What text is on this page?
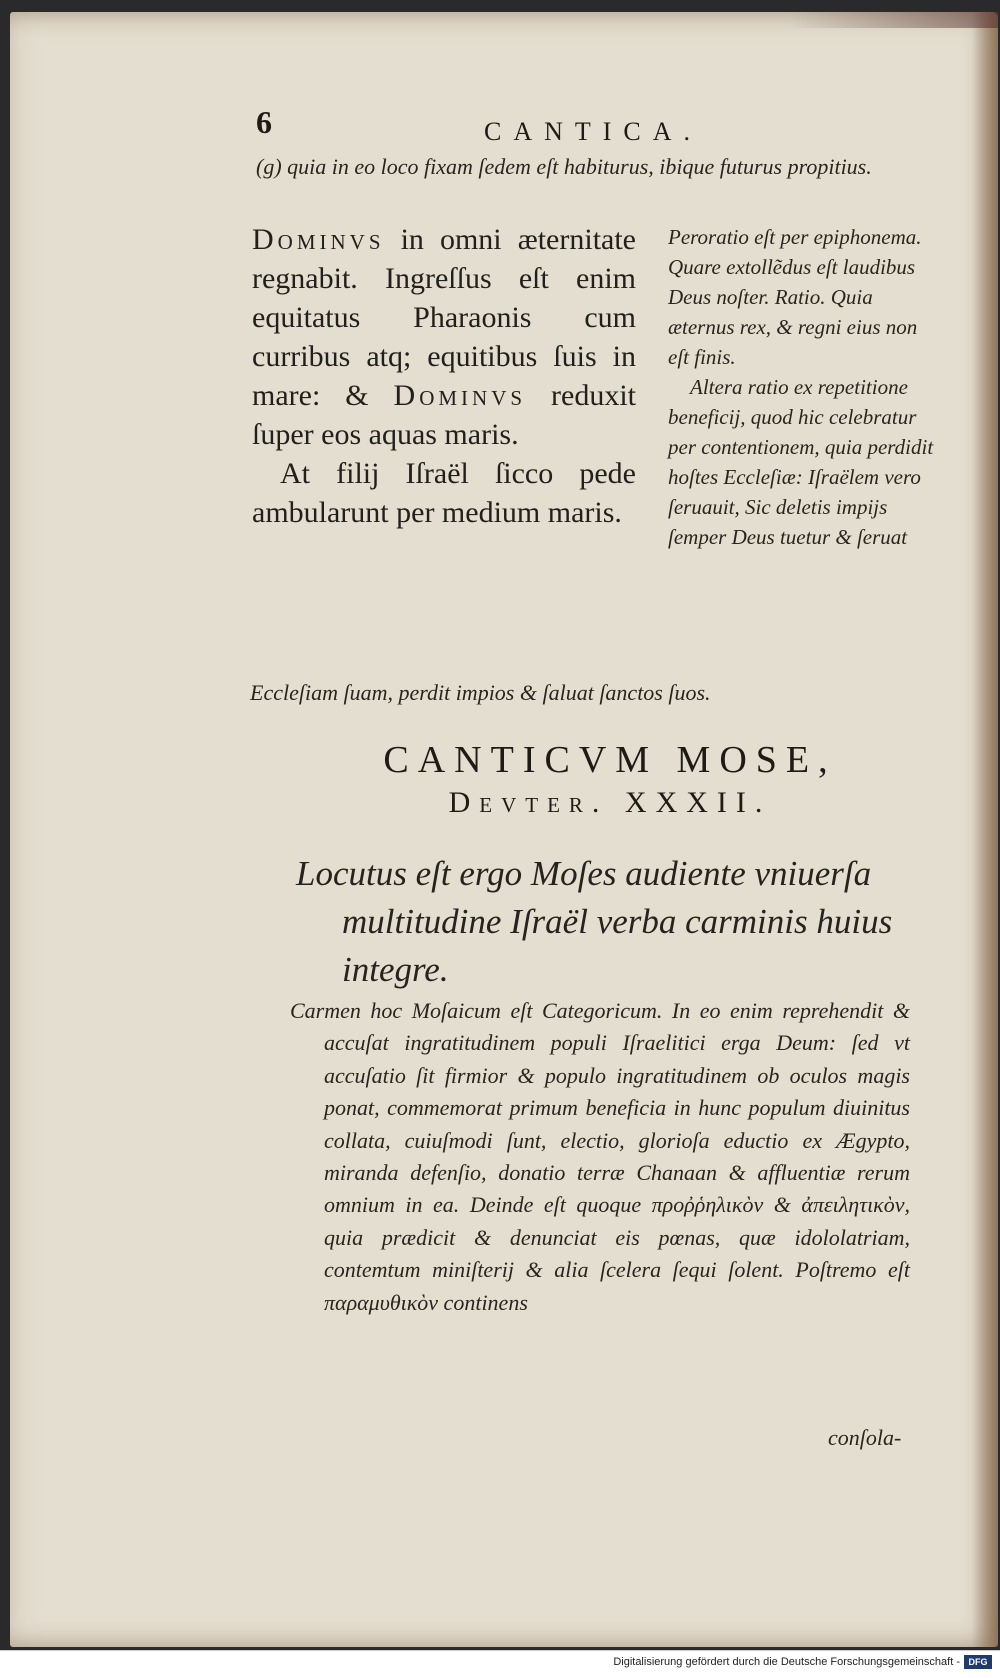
6	CANTICA.
(g) quia in eo loco fixam ſedem eſt habiturus, ibique futurus propitius.

Dominvs in omni æternitate regnabit. Ingreſſus eſt enim equitatus Pharaonis cum curribus atq; equitibus ſuis in mare: & Dominvs reduxit ſuper eos aquas maris.

At filij Iſraël ſicco pede ambularunt per medium maris.

Peroratio eſt per epiphonema. Quare extollẽdus eſt laudibus Deus noſter. Ratio. Quia æternus rex, & regni eius non eſt finis.

Altera ratio ex repetitione beneficij, quod hic celebratur per contentionem, quia perdidit hoſtes Eccleſiæ: Iſraëlem vero ſeruauit, Sic deletis impijs ſemper Deus tuetur & ſeruat

Eccleſiam ſuam, perdit impios & ſaluat ſanctos ſuos.
CANTICVM MOSE,
Devter. XXXII.
Locutus eſt ergo Moſes audiente vniuerſa multitudine Iſraël verba carminis huius integre.
Carmen hoc Moſaicum eſt Categoricum. In eo enim reprehendit & accuſat ingratitudinem populi Iſraelitici erga Deum: ſed vt accuſatio ſit firmior & populo ingratitudinem ob oculos magis ponat, commemorat primum beneficia in hunc populum diuinitus collata, cuiuſmodi ſunt, electio, glorioſa eductio ex Ægypto, miranda defenſio, donatio terræ Chanaan & affluentiæ rerum omnium in ea. Deinde eſt quoque προῤῥηλικὸν & ἀπειλητικὸν, quia prædicit & denunciat eis pœnas, quæ idololatriam, contemtum miniſterij & alia ſcelera ſequi ſolent. Poſtremo eſt παραμυθικὸν continens
conſola-
Digitalisierung gefördert durch die Deutsche Forschungsgemeinschaft - DFG
